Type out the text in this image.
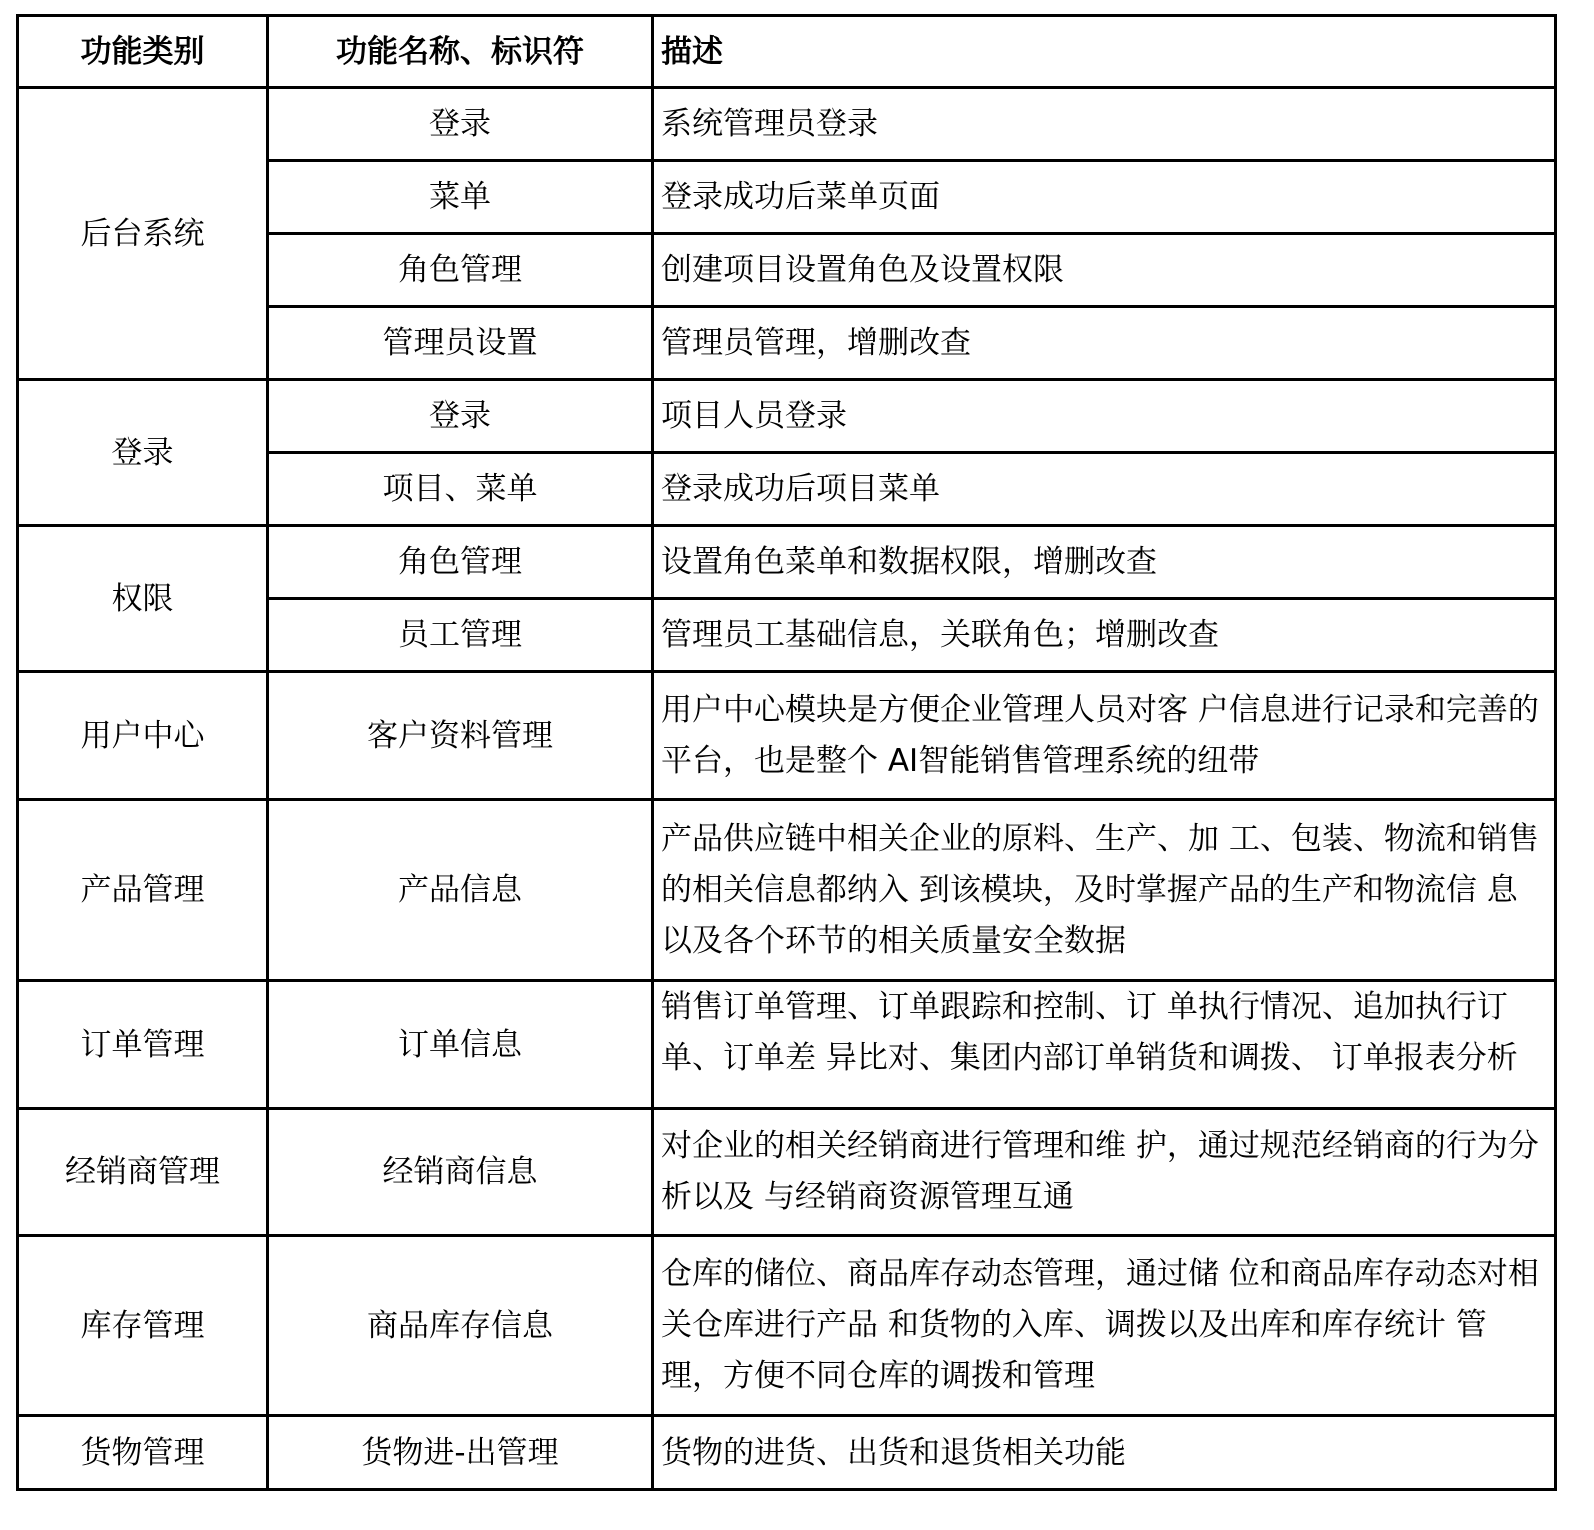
功能类别	功能名称、标识符	描述
后台系统	登录	系统管理员登录
	菜单	登录成功后菜单页面
	角色管理	创建项目设置角色及设置权限
	管理员设置	管理员管理，增删改查
登录	登录	项目人员登录
	项目、菜单	登录成功后项目菜单
权限	角色管理	设置角色菜单和数据权限，增删改查
	员工管理	管理员工基础信息，关联角色；增删改查
用户中心	客户资料管理	用户中心模块是方便企业管理人员对客 户信息进行记录和完善的平台，也是整个 AI智能销售管理系统的纽带
产品管理	产品信息	产品供应链中相关企业的原料、生产、加 工、包装、物流和销售的相关信息都纳入 到该模块，及时掌握产品的生产和物流信 息以及各个环节的相关质量安全数据
订单管理	订单信息	销售订单管理、订单跟踪和控制、订 单执行情况、追加执行订单、订单差 异比对、集团内部订单销货和调拨、 订单报表分析

经销商管理	经销商信息	对企业的相关经销商进行管理和维 护，通过规范经销商的行为分析以及 与经销商资源管理互通
库存管理	商品库存信息	仓库的储位、商品库存动态管理，通过储 位和商品库存动态对相关仓库进行产品 和货物的入库、调拨以及出库和库存统计 管理，方便不同仓库的调拨和管理
货物管理	货物进-出管理	货物的进货、出货和退货相关功能
